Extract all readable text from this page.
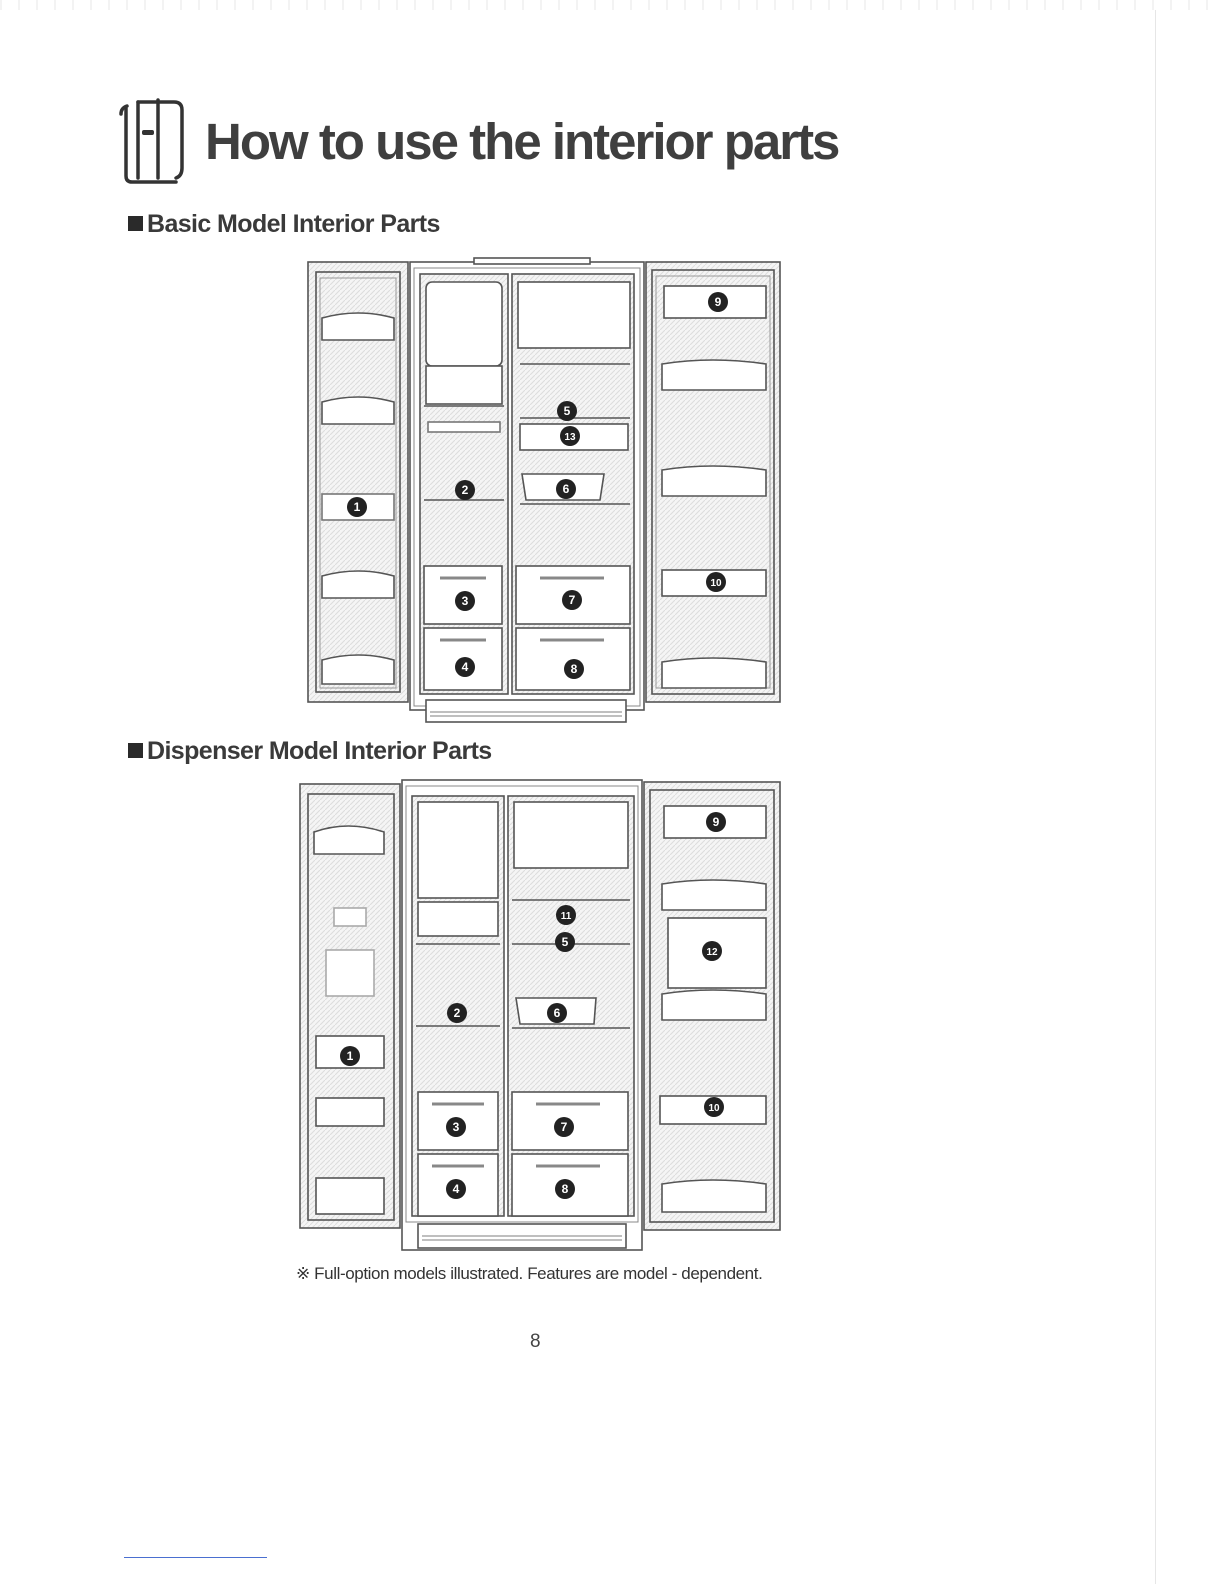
How to use the interior parts
Basic Model Interior Parts
1
2
3
4
5
13
6
7
8
9
10
Dispenser Model Interior Parts
1
2
3
4
11
5
6
7
8
9
12
10
※ Full-option models illustrated. Features are model - dependent.
8
